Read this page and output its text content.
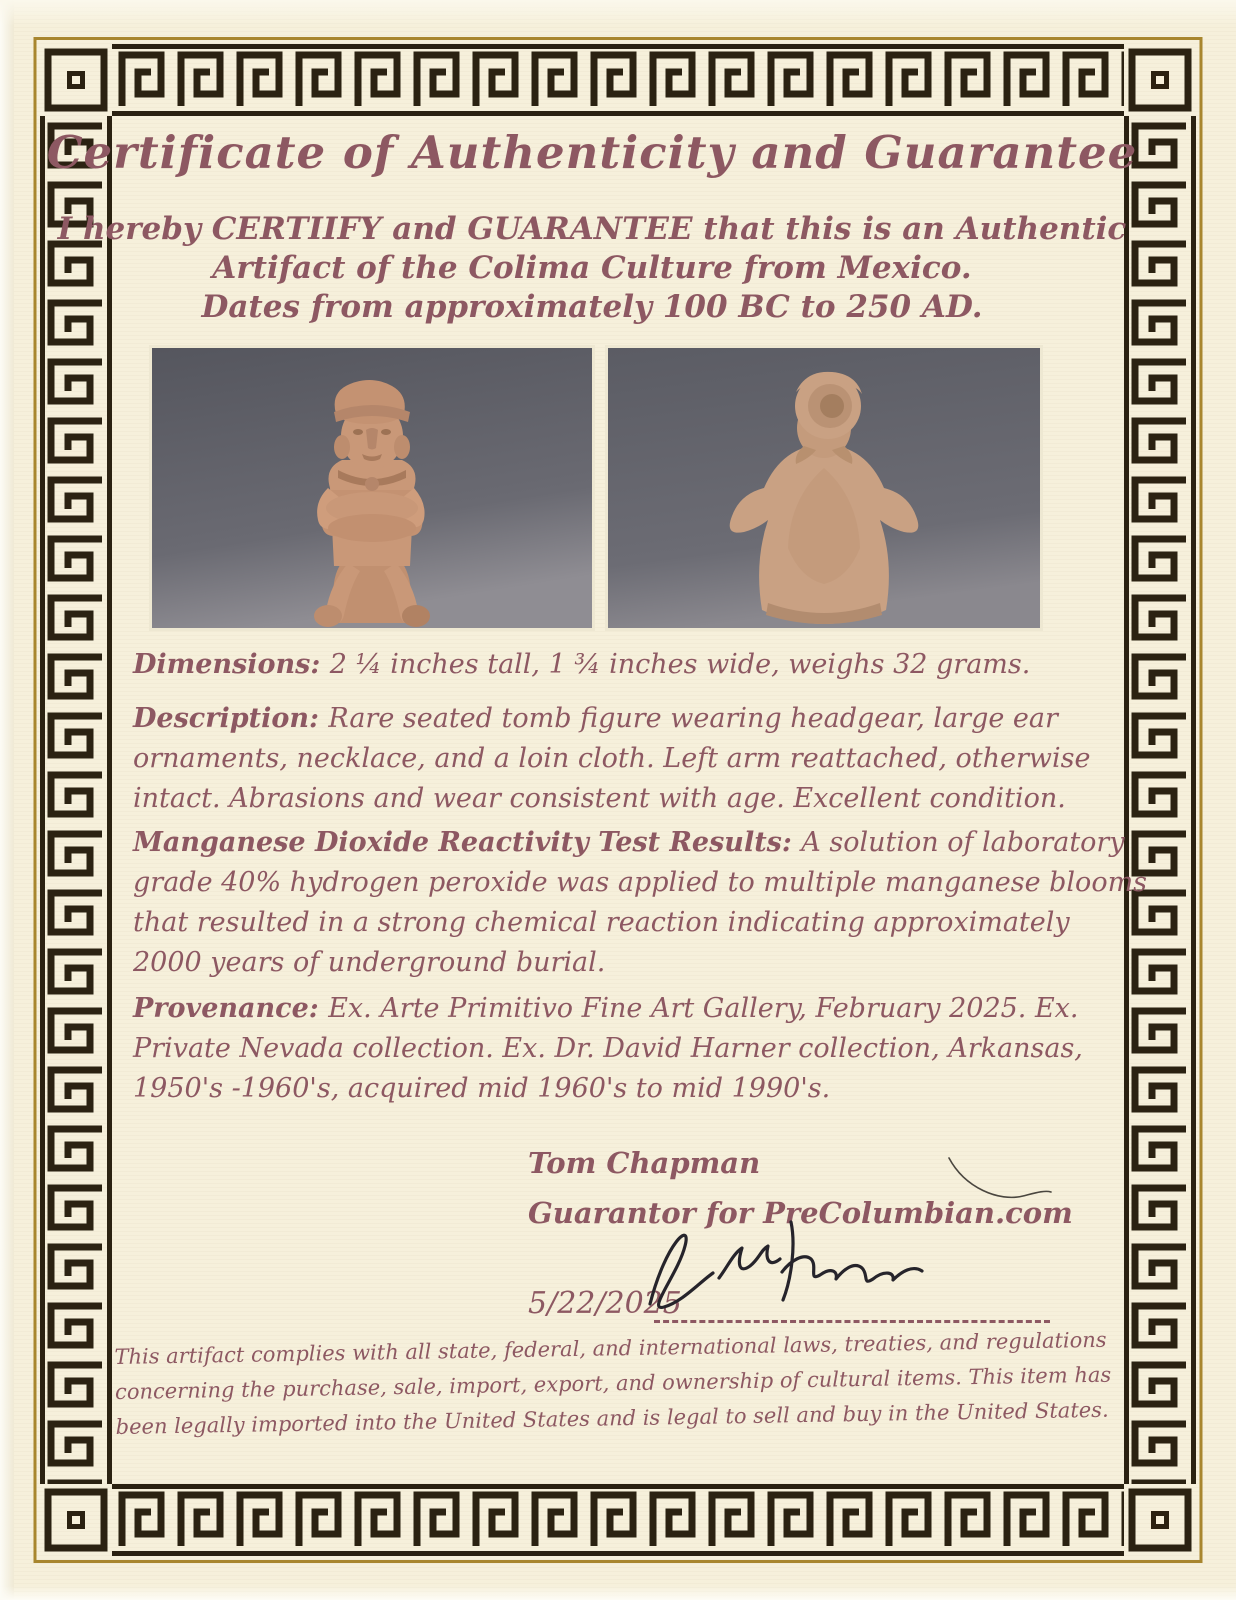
Certificate of Authenticity and Guarantee
I hereby CERTIIFY and GUARANTEE that this is an Authentic
Artifact of the Colima Culture from Mexico.
Dates from approximately 100 BC to 250 AD.

Dimensions: 2 ¼ inches tall, 1 ¾ inches wide, weighs 32 grams.

Description: Rare seated tomb figure wearing headgear, large ear
ornaments, necklace, and a loin cloth. Left arm reattached, otherwise
intact. Abrasions and wear consistent with age. Excellent condition.

Manganese Dioxide Reactivity Test Results: A solution of laboratory
grade 40% hydrogen peroxide was applied to multiple manganese blooms
that resulted in a strong chemical reaction indicating approximately
2000 years of underground burial.

Provenance: Ex. Arte Primitivo Fine Art Gallery, February 2025. Ex.
Private Nevada collection. Ex. Dr. David Harner collection, Arkansas,
1950's -1960's, acquired mid 1960's to mid 1990's.

Tom Chapman
Guarantor for PreColumbian.com
5/22/2025
This artifact complies with all state, federal, and international laws, treaties, and regulations
concerning the purchase, sale, import, export, and ownership of cultural items. This item has
been legally imported into the United States and is legal to sell and buy in the United States.
